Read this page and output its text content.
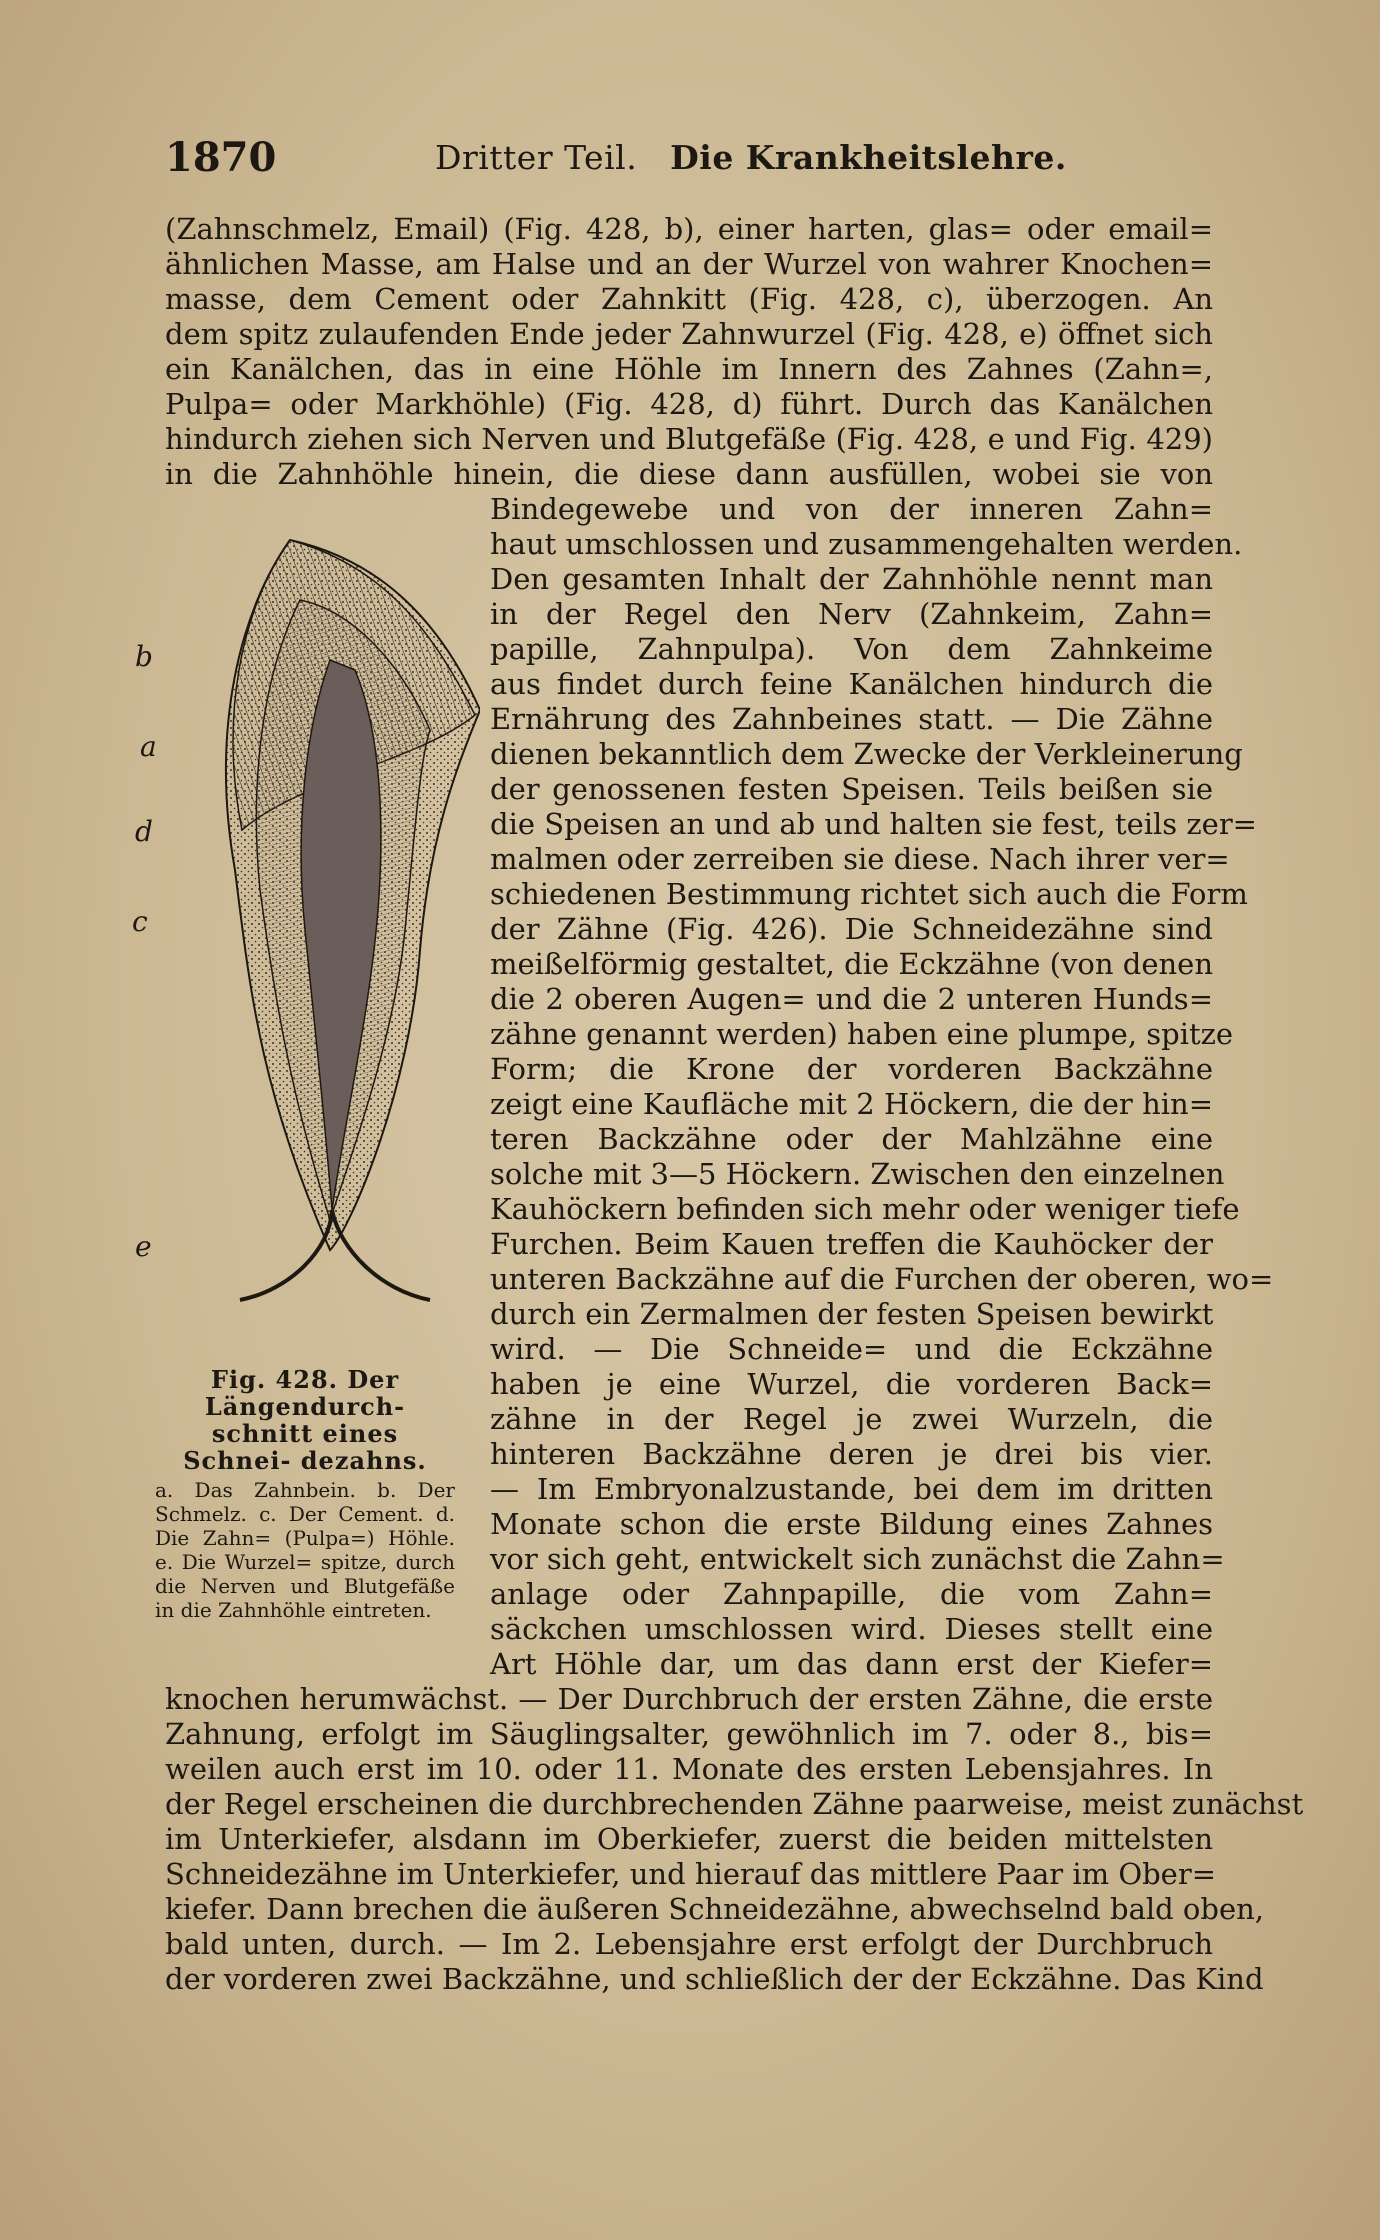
1870	Dritter Teil. Die Krankheitslehre.
(Zahnschmelz, Email) (Fig. 428, b), einer harten, glas= oder email=
ähnlichen Masse, am Halse und an der Wurzel von wahrer Knochen=
masse, dem Cement oder Zahnkitt (Fig. 428, c), überzogen. An
dem spitz zulaufenden Ende jeder Zahnwurzel (Fig. 428, e) öffnet sich
ein Kanälchen, das in eine Höhle im Innern des Zahnes (Zahn=,
Pulpa= oder Markhöhle) (Fig. 428, d) führt. Durch das Kanälchen
hindurch ziehen sich Nerven und Blutgefäße (Fig. 428, e und Fig. 429)
in die Zahnhöhle hinein, die diese dann ausfüllen, wobei sie von
Bindegewebe und von der inneren Zahn=
haut umschlossen und zusammengehalten werden.
Den gesamten Inhalt der Zahnhöhle nennt man
in der Regel den Nerv (Zahnkeim, Zahn=
papille, Zahnpulpa). Von dem Zahnkeime
aus findet durch feine Kanälchen hindurch die
Ernährung des Zahnbeines statt. — Die Zähne
dienen bekanntlich dem Zwecke der Verkleinerung
der genossenen festen Speisen. Teils beißen sie
die Speisen an und ab und halten sie fest, teils zer=
malmen oder zerreiben sie diese. Nach ihrer ver=
schiedenen Bestimmung richtet sich auch die Form
der Zähne (Fig. 426). Die Schneidezähne sind
meißelförmig gestaltet, die Eckzähne (von denen
die 2 oberen Augen= und die 2 unteren Hunds=
zähne genannt werden) haben eine plumpe, spitze
Form; die Krone der vorderen Backzähne
zeigt eine Kaufläche mit 2 Höckern, die der hin=
teren Backzähne oder der Mahlzähne eine
solche mit 3—5 Höckern. Zwischen den einzelnen
Kauhöckern befinden sich mehr oder weniger tiefe
Furchen. Beim Kauen treffen die Kauhöcker der
unteren Backzähne auf die Furchen der oberen, wo=
durch ein Zermalmen der festen Speisen bewirkt
wird. — Die Schneide= und die Eckzähne
haben je eine Wurzel, die vorderen Back=
zähne in der Regel je zwei Wurzeln, die
hinteren Backzähne deren je drei bis vier.
— Im Embryonalzustande, bei dem im dritten
Monate schon die erste Bildung eines Zahnes
vor sich geht, entwickelt sich zunächst die Zahn=
anlage oder Zahnpapille, die vom Zahn=
säckchen umschlossen wird. Dieses stellt eine
Art Höhle dar, um das dann erst der Kiefer=
knochen herumwächst. — Der Durchbruch der ersten Zähne, die erste
Zahnung, erfolgt im Säuglingsalter, gewöhnlich im 7. oder 8., bis=
weilen auch erst im 10. oder 11. Monate des ersten Lebensjahres. In
der Regel erscheinen die durchbrechenden Zähne paarweise, meist zunächst
im Unterkiefer, alsdann im Oberkiefer, zuerst die beiden mittelsten
Schneidezähne im Unterkiefer, und hierauf das mittlere Paar im Ober=
kiefer. Dann brechen die äußeren Schneidezähne, abwechselnd bald oben,
bald unten, durch. — Im 2. Lebensjahre erst erfolgt der Durchbruch
der vorderen zwei Backzähne, und schließlich der der Eckzähne. Das Kind
b
a
d
c
e
Fig. 428. Der Längendurch- schnitt eines Schnei- dezahns.
a. Das Zahnbein. b. Der Schmelz. c. Der Cement. d. Die Zahn= (Pulpa=) Höhle. e. Die Wurzel= spitze, durch die Nerven und Blutgefäße in die Zahnhöhle eintreten.
